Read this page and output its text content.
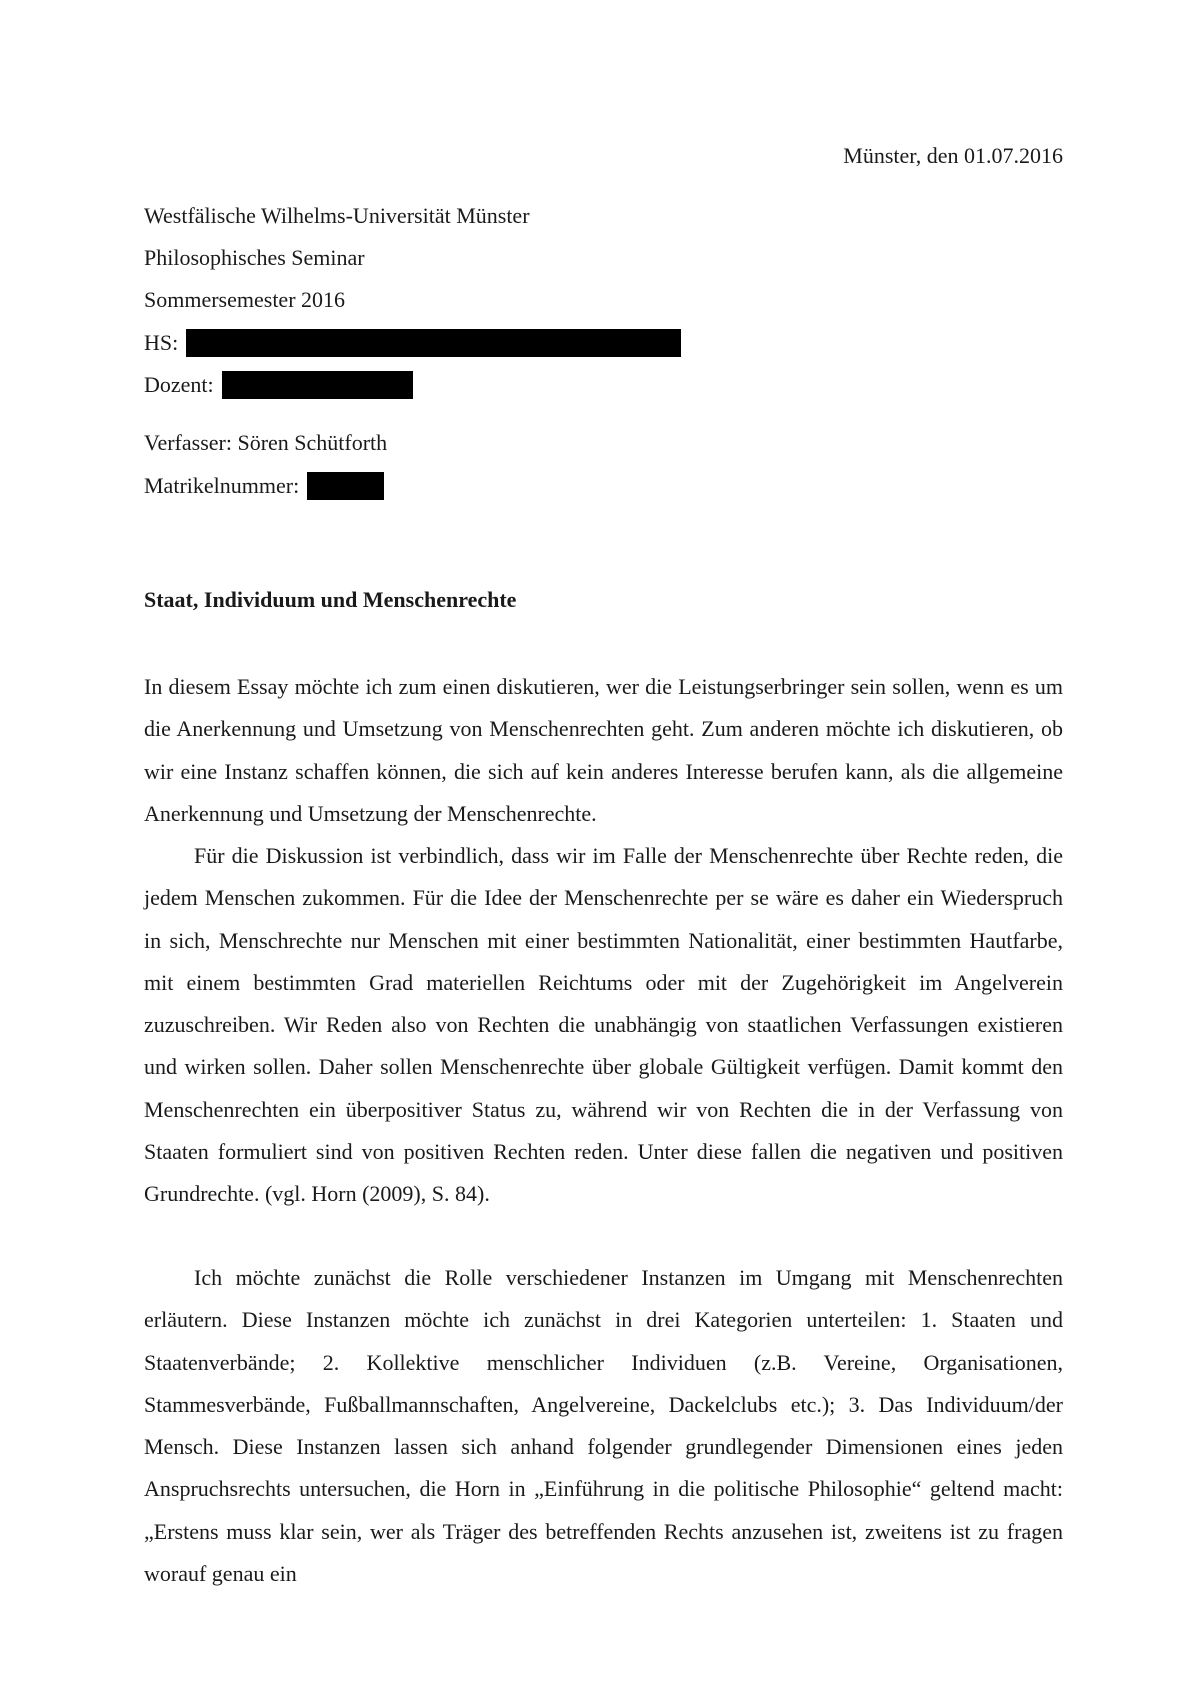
Münster, den 01.07.2016
Westfälische Wilhelms-Universität Münster
Philosophisches Seminar
Sommersemester 2016
HS:
Dozent:
Verfasser: Sören Schütforth
Matrikelnummer:
Staat, Individuum und Menschenrechte

In diesem Essay möchte ich zum einen diskutieren, wer die Leistungserbringer sein sollen, wenn es um die Anerkennung und Umsetzung von Menschenrechten geht. Zum anderen möchte ich diskutieren, ob wir eine Instanz schaffen können, die sich auf kein anderes Interesse berufen kann, als die allgemeine Anerkennung und Umsetzung der Menschenrechte.

Für die Diskussion ist verbindlich, dass wir im Falle der Menschenrechte über Rechte reden, die jedem Menschen zukommen. Für die Idee der Menschenrechte per se wäre es daher ein Wiederspruch in sich, Menschrechte nur Menschen mit einer bestimmten Nationalität, einer bestimmten Hautfarbe, mit einem bestimmten Grad materiellen Reichtums oder mit der Zugehörigkeit im Angelverein zuzuschreiben. Wir Reden also von Rechten die unabhängig von staatlichen Verfassungen existieren und wirken sollen. Daher sollen Menschenrechte über globale Gültigkeit verfügen. Damit kommt den Menschenrechten ein überpositiver Status zu, während wir von Rechten die in der Verfassung von Staaten formuliert sind von positiven Rechten reden. Unter diese fallen die negativen und positiven Grundrechte. (vgl. Horn (2009), S. 84).

Ich möchte zunächst die Rolle verschiedener Instanzen im Umgang mit Menschenrechten erläutern. Diese Instanzen möchte ich zunächst in drei Kategorien unterteilen: 1. Staaten und Staatenverbände; 2. Kollektive menschlicher Individuen (z.B. Vereine, Organisationen, Stammesverbände, Fußballmannschaften, Angelvereine, Dackelclubs etc.); 3. Das Individuum/der Mensch. Diese Instanzen lassen sich anhand folgender grundlegender Dimensionen eines jeden Anspruchsrechts untersuchen, die Horn in „Einführung in die politische Philosophie“ geltend macht: „Erstens muss klar sein, wer als Träger des betreffenden Rechts anzusehen ist, zweitens ist zu fragen worauf genau ein
